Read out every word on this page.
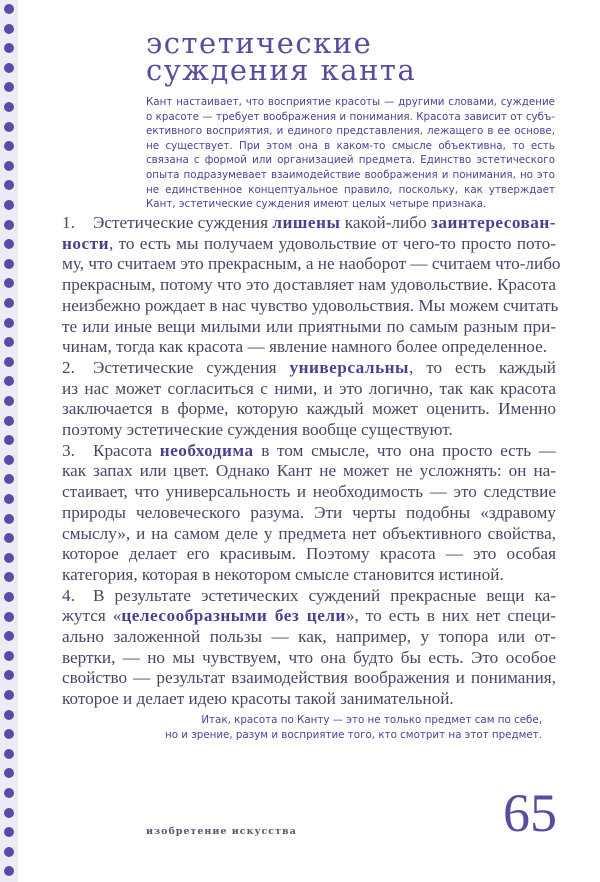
эстетические
суждения канта
Кант настаивает, что восприятие красоты — другими словами, суждение
о красоте — требует воображения и понимания. Красота зависит от субъ-
ективного восприятия, и единого представления, лежащего в ее основе,
не существует. При этом она в каком-то смысле объективна, то есть
связана с формой или организацией предмета. Единство эстетического
опыта подразумевает взаимодействие воображения и понимания, но это
не единственное концептуальное правило, поскольку, как утверждает
Кант, эстетические суждения имеют целых четыре признака.
1. Эстетические суждения лишены какой-либо заинтересован-
ности, то есть мы получаем удовольствие от чего-то просто пото-
му, что считаем это прекрасным, а не наоборот — считаем что-либо
прекрасным, потому что это доставляет нам удовольствие. Красота
неизбежно рождает в нас чувство удовольствия. Мы можем считать
те или иные вещи милыми или приятными по самым разным при-
чинам, тогда как красота — явление намного более определенное.
2. Эстетические суждения универсальны, то есть каждый
из нас может согласиться с ними, и это логично, так как красота
заключается в форме, которую каждый может оценить. Именно
поэтому эстетические суждения вообще существуют.
3. Красота необходима в том смысле, что она просто есть —
как запах или цвет. Однако Кант не может не усложнять: он на-
стаивает, что универсальность и необходимость — это следствие
природы человеческого разума. Эти черты подобны «здравому
смыслу», и на самом деле у предмета нет объективного свойства,
которое делает его красивым. Поэтому красота — это особая
категория, которая в некотором смысле становится истиной.
4. В результате эстетических суждений прекрасные вещи ка-
жутся «целесообразными без цели», то есть в них нет специ-
ально заложенной пользы — как, например, у топора или от-
вертки, — но мы чувствуем, что она будто бы есть. Это особое
свойство — результат взаимодействия воображения и понимания,
которое и делает идею красоты такой занимательной.
Итак, красота по Канту — это не только предмет сам по себе,
но и зрение, разум и восприятие того, кто смотрит на этот предмет.
изобретение искусства	65
